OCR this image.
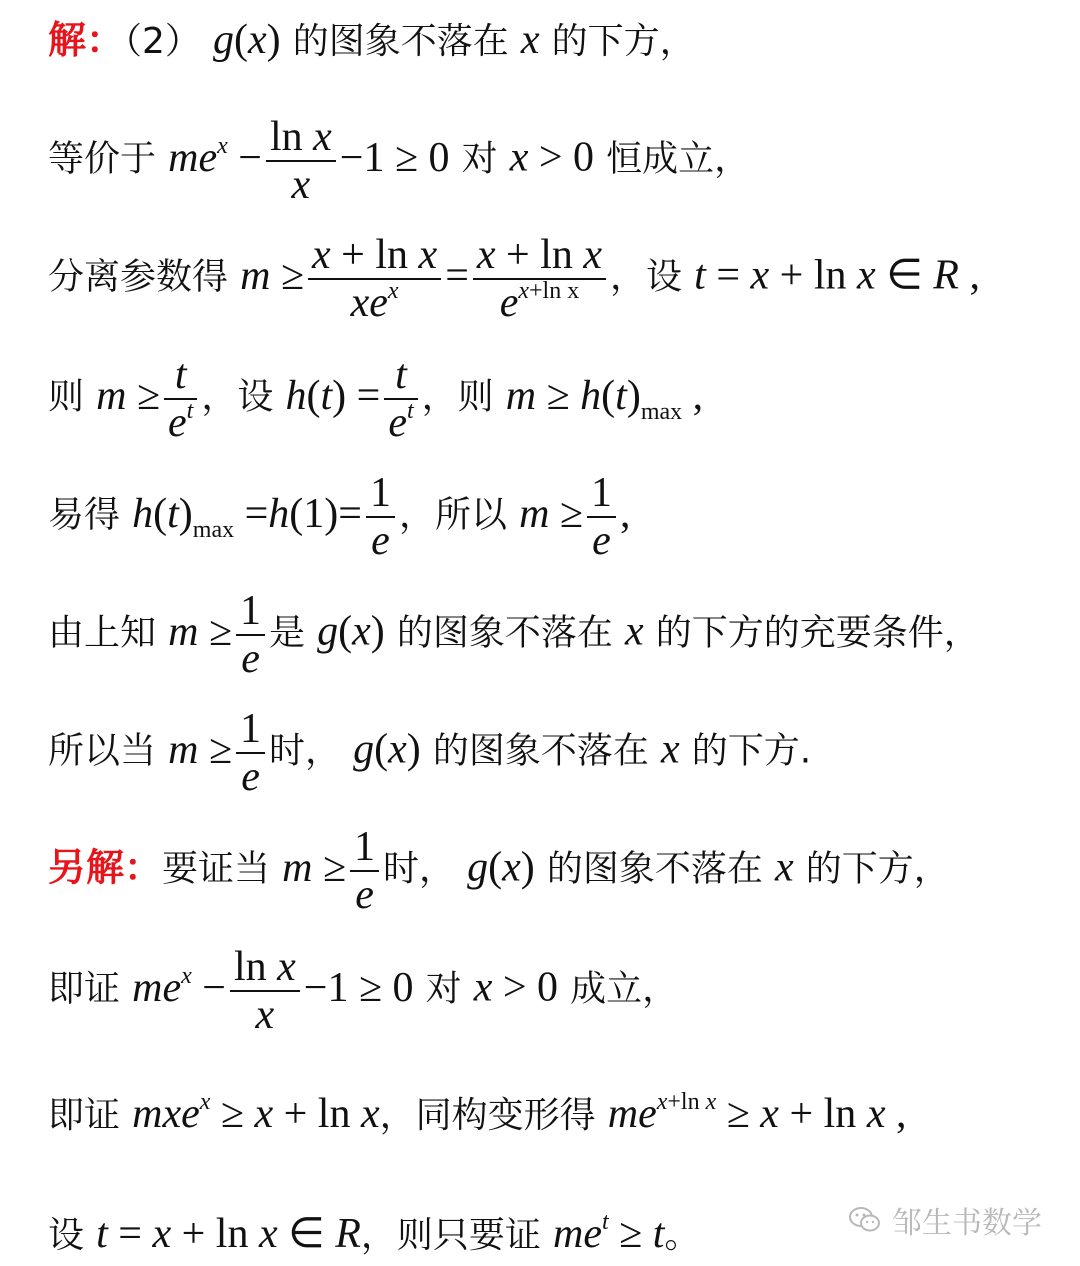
解：（2） g(x) 的图象不落在 x 的下方，
等价于 $me^x - \frac{\text{ln x}}{x} -1 \ge 0$ 对 x > 0 恒成立，
分离参数得 $m \ge \frac{\text{x + ln x}}{xe^x} = \frac{\text{x + ln x}}{e^{x+ln x}}$ ，设 t = x + ln x ∈ R ,
则 $m \ge \frac{t}{e^t}$ ，设 $h(t) = \frac{t}{e^t}$ ，则 $m \ge h(t)_{max}$ ,
易得 $h(t)_{max} =h(1)= \frac{1}{e}$ ，所以 $m \ge \frac{1}{e}$ ,
由上知 $m \ge \frac{1}{e}$ 是 g(x) 的图象不落在 x 的下方的充要条件，
所以当 $m \ge \frac{1}{e}$ 时， g(x) 的图象不落在 x 的下方.
另解：要证当 $m \ge \frac{1}{e}$ 时， g(x) 的图象不落在 x 的下方，
即证 $me^x - \frac{\text{ln x}}{x} -1 \ge 0$ 对 x > 0 成立，
即证 mxe$^x$ ≥ x + ln x，同构变形得 $me^{x+ln x} \ge x + \ln x$ ,
设 t = x + ln x ∈ R，则只要证 $me^t \ge t$。	邹生书数学
